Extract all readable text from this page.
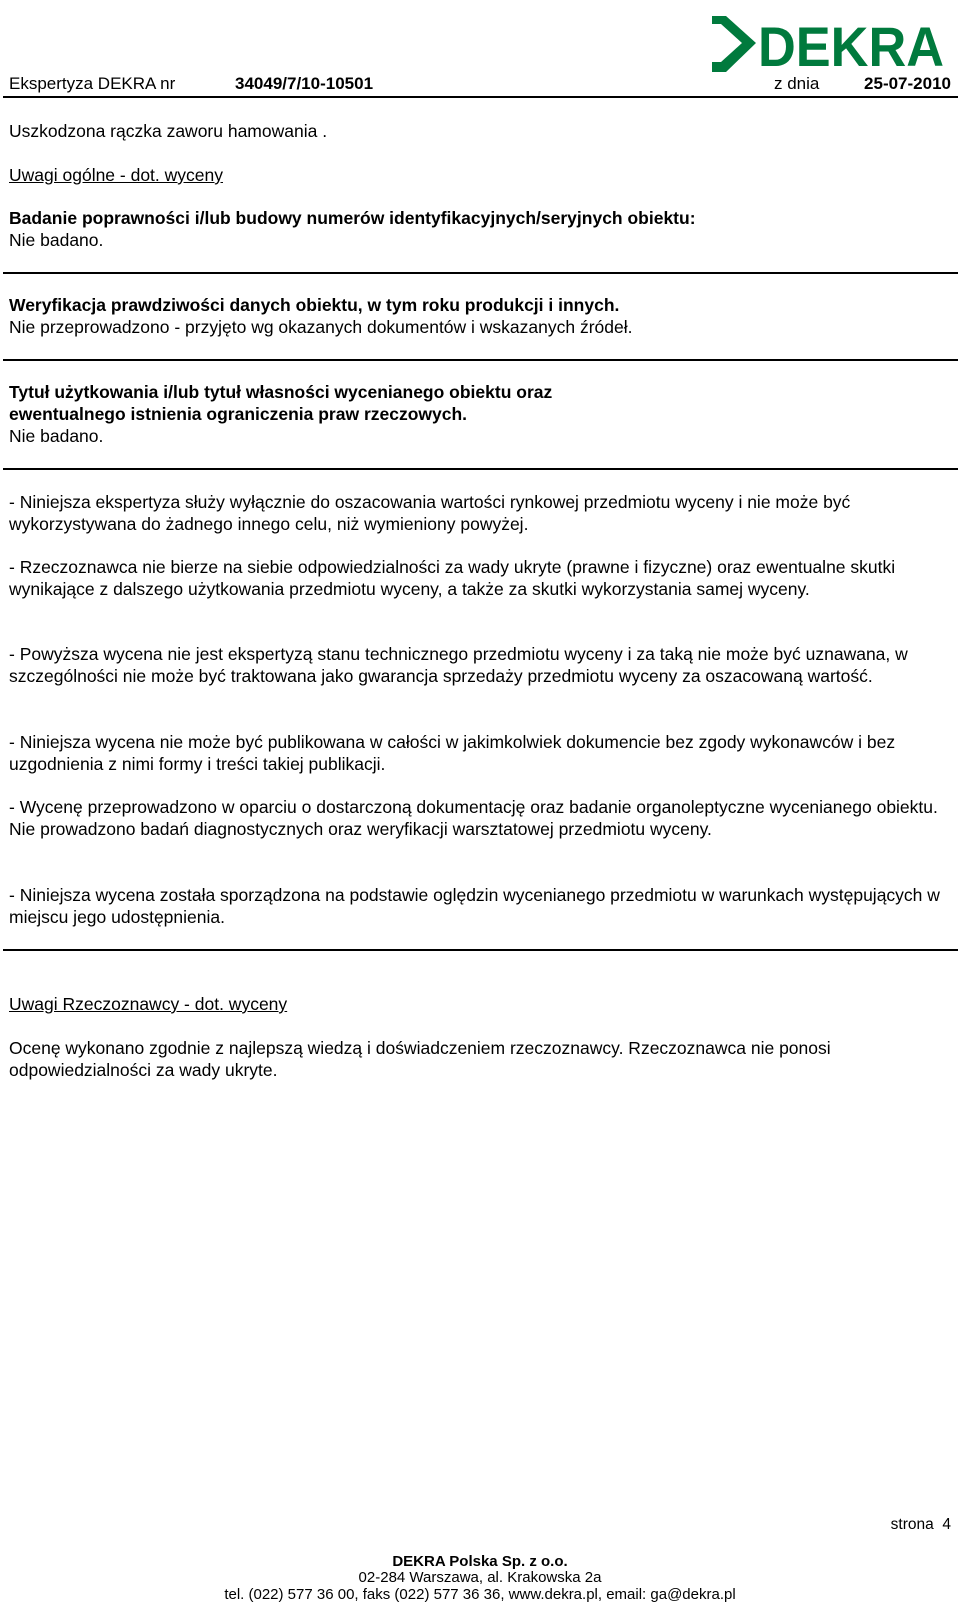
DEKRA
Ekspertyza DEKRA nr	34049/7/10-10501	z dnia	25-07-2010
Uszkodzona rączka zaworu hamowania .
Uwagi ogólne - dot. wyceny
Badanie poprawności i/lub budowy numerów identyfikacyjnych/seryjnych obiektu:
Nie badano.
Weryfikacja prawdziwości danych obiektu, w tym roku produkcji i innych.
Nie przeprowadzono - przyjęto wg okazanych dokumentów i wskazanych źródeł.
Tytuł użytkowania i/lub tytuł własności wycenianego obiektu oraz
ewentualnego istnienia ograniczenia praw rzeczowych.
Nie badano.
- Niniejsza ekspertyza służy wyłącznie do oszacowania wartości rynkowej przedmiotu wyceny i nie może być wykorzystywana do żadnego innego celu, niż wymieniony powyżej.
- Rzeczoznawca nie bierze na siebie odpowiedzialności za wady ukryte (prawne i fizyczne) oraz ewentualne skutki wynikające z dalszego użytkowania przedmiotu wyceny, a także za skutki wykorzystania samej wyceny.
- Powyższa wycena nie jest ekspertyzą stanu technicznego przedmiotu wyceny i za taką nie może być uznawana, w szczególności nie może być traktowana jako gwarancja sprzedaży przedmiotu wyceny za oszacowaną wartość.
- Niniejsza wycena nie może być publikowana w całości w jakimkolwiek dokumencie bez zgody wykonawców i bez uzgodnienia z nimi formy i treści takiej publikacji.
- Wycenę przeprowadzono w oparciu o dostarczoną dokumentację oraz badanie organoleptyczne wycenianego obiektu. Nie prowadzono badań diagnostycznych oraz weryfikacji warsztatowej przedmiotu wyceny.
- Niniejsza wycena została sporządzona na podstawie oględzin wycenianego przedmiotu w warunkach występujących w miejscu jego udostępnienia.
Uwagi Rzeczoznawcy - dot. wyceny
Ocenę wykonano zgodnie z najlepszą wiedzą i doświadczeniem rzeczoznawcy. Rzeczoznawca nie ponosi odpowiedzialności za wady ukryte.
strona 4
DEKRA Polska Sp. z o.o.
02-284 Warszawa, al. Krakowska 2a
tel. (022) 577 36 00, faks (022) 577 36 36, www.dekra.pl, email: ga@dekra.pl
